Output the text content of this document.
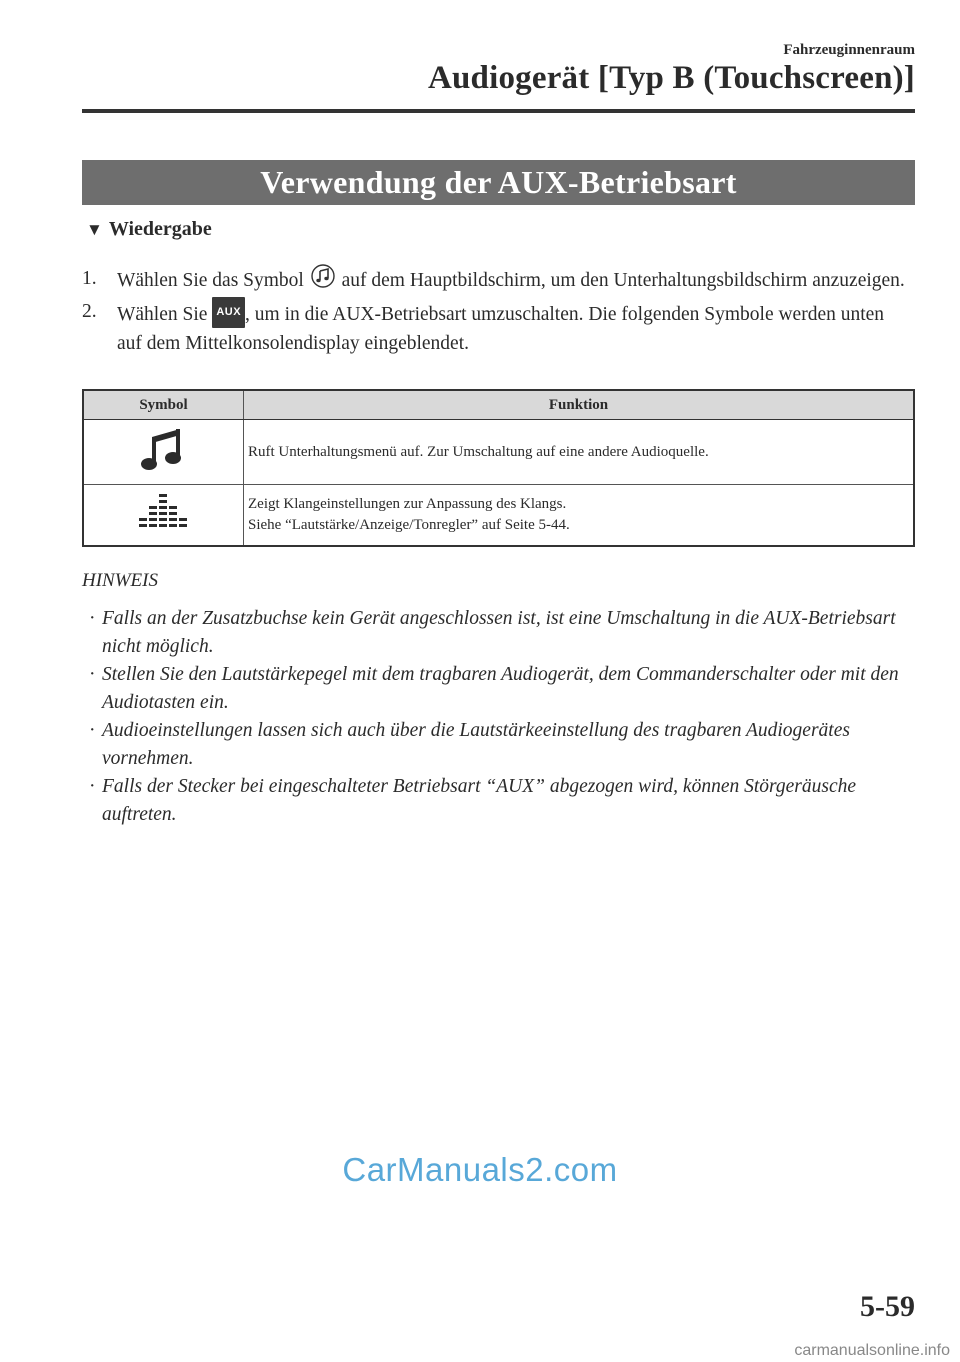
Fahrzeuginnenraum
Audiogerät [Typ B (Touchscreen)]
Verwendung der AUX-Betriebsart
▼ Wiedergabe
1. Wählen Sie das Symbol auf dem Hauptbildschirm, um den Unterhaltungsbildschirm anzuzeigen.
2. Wählen Sie AUX , um in die AUX-Betriebsart umzuschalten. Die folgenden Symbole werden unten auf dem Mittelkonsolendisplay eingeblendet.
Symbol	Funktion

Ruft Unterhaltungsmenü auf. Zur Umschaltung auf eine andere Audioquelle.

Zeigt Klangeinstellungen zur Anpassung des Klangs.
Siehe “Lautstärke/Anzeige/Tonregler” auf Seite 5-44.
HINWEIS
· Falls an der Zusatzbuchse kein Gerät angeschlossen ist, ist eine Umschaltung in die AUX-Betriebsart nicht möglich.
· Stellen Sie den Lautstärkepegel mit dem tragbaren Audiogerät, dem Commanderschalter oder mit den Audiotasten ein.
· Audioeinstellungen lassen sich auch über die Lautstärkeeinstellung des tragbaren Audiogerätes vornehmen.
· Falls der Stecker bei eingeschalteter Betriebsart “AUX” abgezogen wird, können Störgeräusche auftreten.
CarManuals2.com
5-59
carmanualsonline.info
